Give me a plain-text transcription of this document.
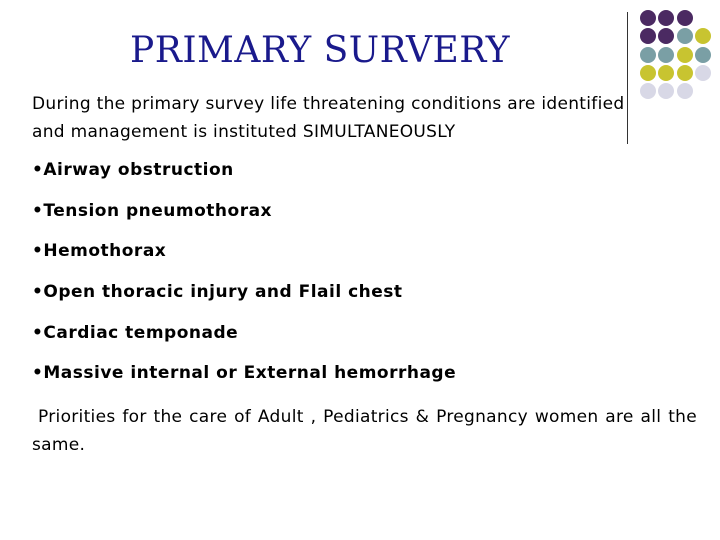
PRIMARY SURVERY
During the primary survey life threatening conditions are identified and management is instituted SIMULTANEOUSLY
• Airway obstruction
• Tension pneumothorax
• Hemothorax
• Open thoracic injury and Flail chest
• Cardiac temponade
• Massive internal or External hemorrhage
Priorities for the care of Adult , Pediatrics & Pregnancy women are all the same.
